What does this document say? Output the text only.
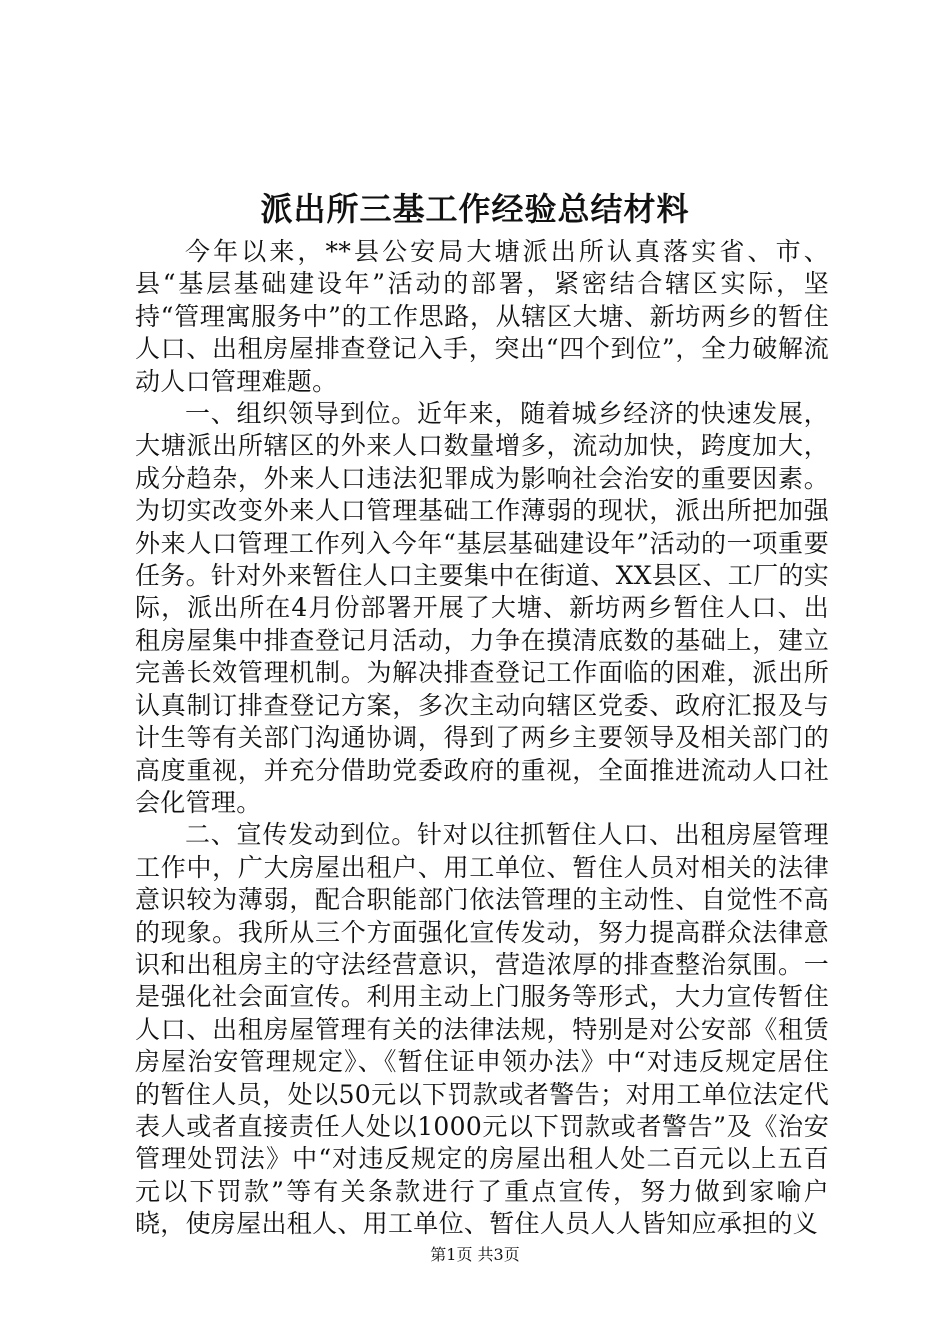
派出所三基工作经验总结材料

今年以来，**县公安局大塘派出所认真落实省、市、县“基层基础建设年”活动的部署，紧密结合辖区实际，坚持“管理寓服务中”的工作思路，从辖区大塘、新坊两乡的暂住人口、出租房屋排查登记入手，突出“四个到位”，全力破解流动人口管理难题。

一、组织领导到位。近年来，随着城乡经济的快速发展，大塘派出所辖区的外来人口数量增多，流动加快，跨度加大，成分趋杂，外来人口违法犯罪成为影响社会治安的重要因素。为切实改变外来人口管理基础工作薄弱的现状，派出所把加强外来人口管理工作列入今年“基层基础建设年”活动的一项重要任务。针对外来暂住人口主要集中在街道、XX县区、工厂的实际，派出所在4月份部署开展了大塘、新坊两乡暂住人口、出租房屋集中排查登记月活动，力争在摸清底数的基础上，建立完善长效管理机制。为解决排查登记工作面临的困难，派出所认真制订排查登记方案，多次主动向辖区党委、政府汇报及与计生等有关部门沟通协调，得到了两乡主要领导及相关部门的高度重视，并充分借助党委政府的重视，全面推进流动人口社会化管理。

二、宣传发动到位。针对以往抓暂住人口、出租房屋管理工作中，广大房屋出租户、用工单位、暂住人员对相关的法律意识较为薄弱，配合职能部门依法管理的主动性、自觉性不高的现象。我所从三个方面强化宣传发动，努力提高群众法律意识和出租房主的守法经营意识，营造浓厚的排查整治氛围。一是强化社会面宣传。利用主动上门服务等形式，大力宣传暂住人口、出租房屋管理有关的法律法规，特别是对公安部《租赁房屋治安管理规定》、《暂住证申领办法》中“对违反规定居住的暂住人员，处以50元以下罚款或者警告；对用工单位法定代表人或者直接责任人处以1000元以下罚款或者警告”及《治安管理处罚法》中“对违反规定的房屋出租人处二百元以上五百元以下罚款”等有关条款进行了重点宣传，努力做到家喻户晓，使房屋出租人、用工单位、暂住人员人人皆知应承担的义

第1页 共3页
